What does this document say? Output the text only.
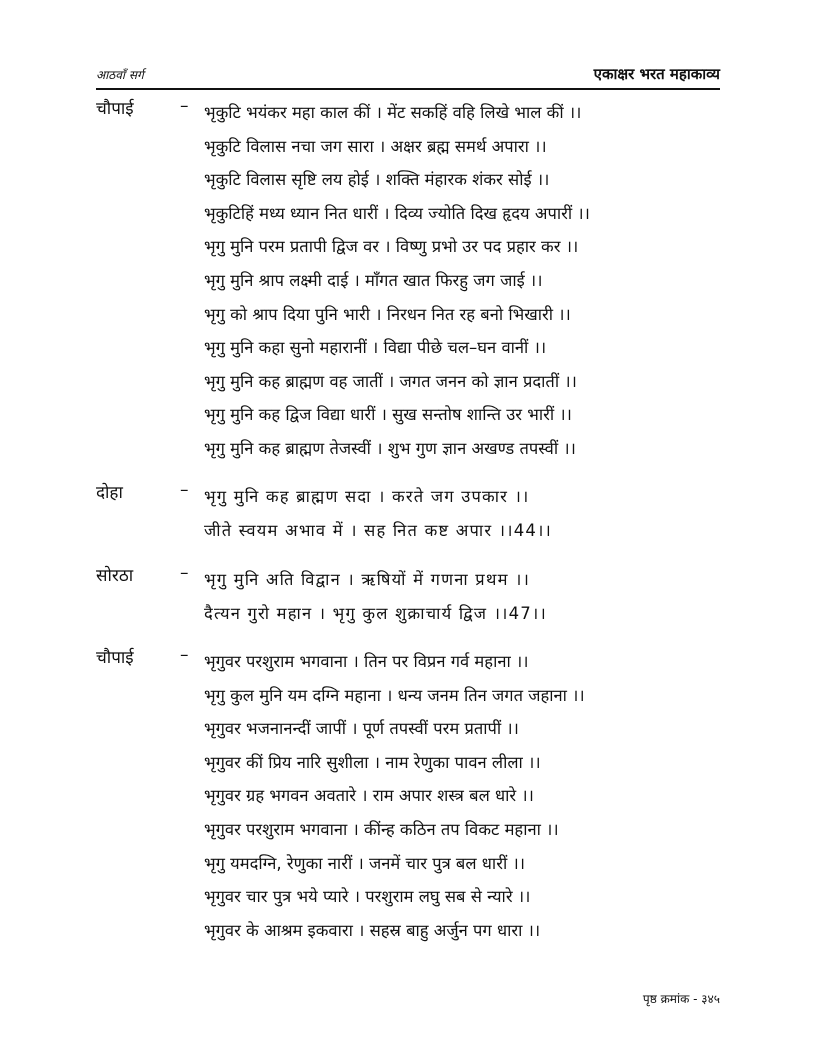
आठवाँ सर्ग	एकाक्षर भरत महाकाव्य
चौपाई	– भृकुटि भयंकर महा काल कीं । मेंट सकहिं वहि लिखे भाल कीं ।।
भृकुटि विलास नचा जग सारा । अक्षर ब्रह्म समर्थ अपारा ।।
भृकुटि विलास सृष्टि लय होई । शक्ति मंहारक शंकर सोई ।।
भृकुटिहिं मध्य ध्यान नित धारीं । दिव्य ज्योति दिख हृदय अपारीं ।।
भृगु मुनि परम प्रतापी द्विज वर । विष्णु प्रभो उर पद प्रहार कर ।।
भृगु मुनि श्राप लक्ष्मी दाई । माँगत खात फिरहु जग जाई ।।
भृगु को श्राप दिया पुनि भारी । निरधन नित रह बनो भिखारी ।।
भृगु मुनि कहा सुनो महारानीं । विद्या पीछे चल–घन वानीं ।।
भृगु मुनि कह ब्राह्मण वह जातीं । जगत जनन को ज्ञान प्रदातीं ।।
भृगु मुनि कह द्विज विद्या धारीं । सुख सन्तोष शान्ति उर भारीं ।।
भृगु मुनि कह ब्राह्मण तेजस्वीं । शुभ गुण ज्ञान अखण्ड तपस्वीं ।।
दोहा	– भृगु मुनि कह ब्राह्मण सदा । करते जग उपकार ।।
जीते स्वयम अभाव में । सह नित कष्ट अपार ।।44।।
सोरठा	– भृगु मुनि अति विद्वान । ऋषियों में गणना प्रथम ।।
दैत्यन गुरो महान । भृगु कुल शुक्राचार्य द्विज ।।47।।
चौपाई	– भृगुवर परशुराम भगवाना । तिन पर विप्रन गर्व महाना ।।
भृगु कुल मुनि यम दग्नि महाना । धन्य जनम तिन जगत जहाना ।।
भृगुवर भजनानन्दीं जापीं । पूर्ण तपस्वीं परम प्रतापीं ।।
भृगुवर कीं प्रिय नारि सुशीला । नाम रेणुका पावन लीला ।।
भृगुवर ग्रह भगवन अवतारे । राम अपार शस्त्र बल धारे ।।
भृगुवर परशुराम भगवाना । कींन्ह कठिन तप विकट महाना ।।
भृगु यमदग्नि, रेणुका नारीं । जनमें चार पुत्र बल धारीं ।।
भृगुवर चार पुत्र भये प्यारे । परशुराम लघु सब से न्यारे ।।
भृगुवर के आश्रम इकवारा । सहस्र बाहु अर्जुन पग धारा ।।
पृष्ठ क्रमांक - ३४५
